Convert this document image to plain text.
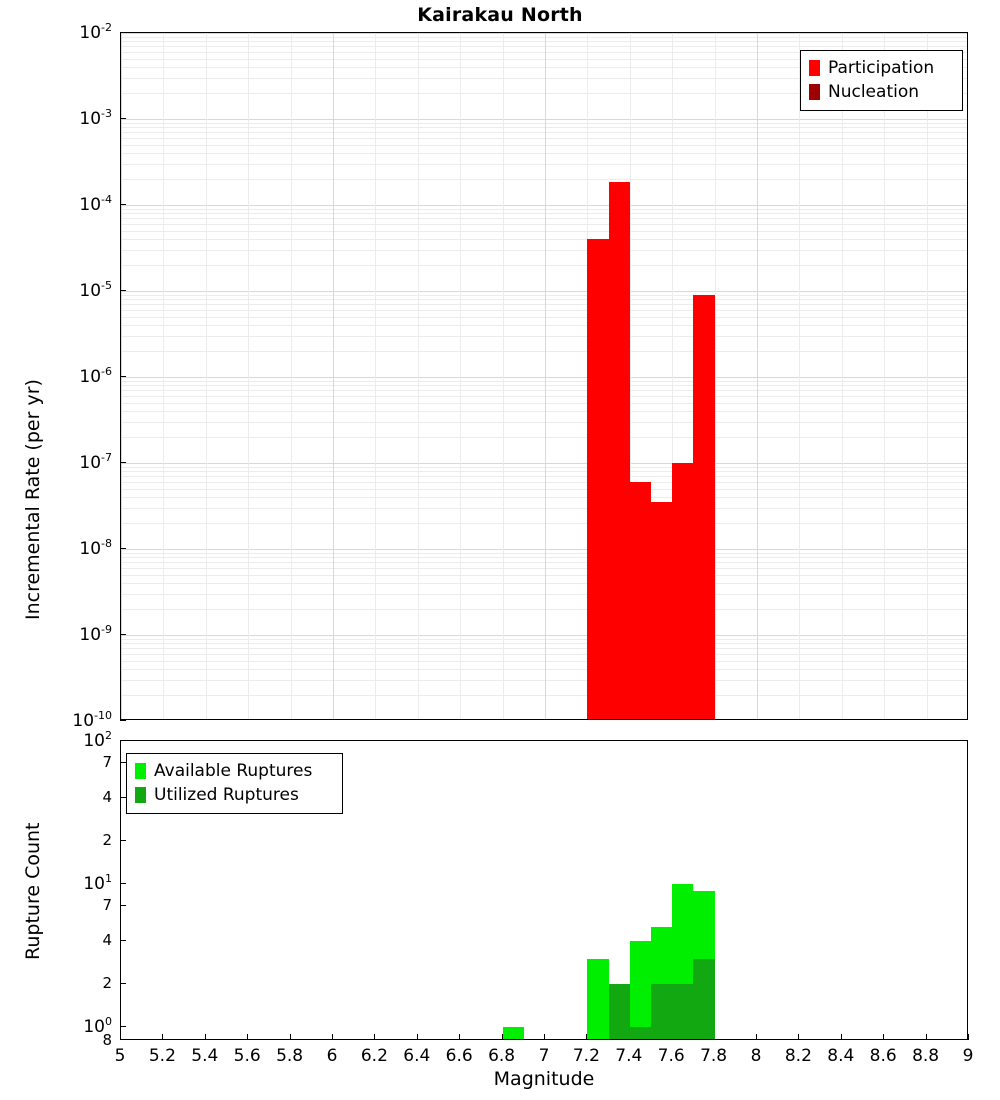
Kairakau North
Incremental Rate (per yr)
Participation
Nucleation
Rupture Count
Available Ruptures
Utilized Ruptures
Magnitude
$10^{-10}$
$10^{-9}$
$10^{-8}$
$10^{-7}$
$10^{-6}$
$10^{-5}$
$10^{-4}$
$10^{-3}$
$10^{-2}$
$10^0$
2
4
7
$10^1$
2
4
7
$10^2$
8
5 5.2 5.4 5.6 5.8 6 6.2 6.4 6.6 6.8 7 7.2 7.4 7.6 7.8 8 8.2 8.4 8.6 8.8 9
